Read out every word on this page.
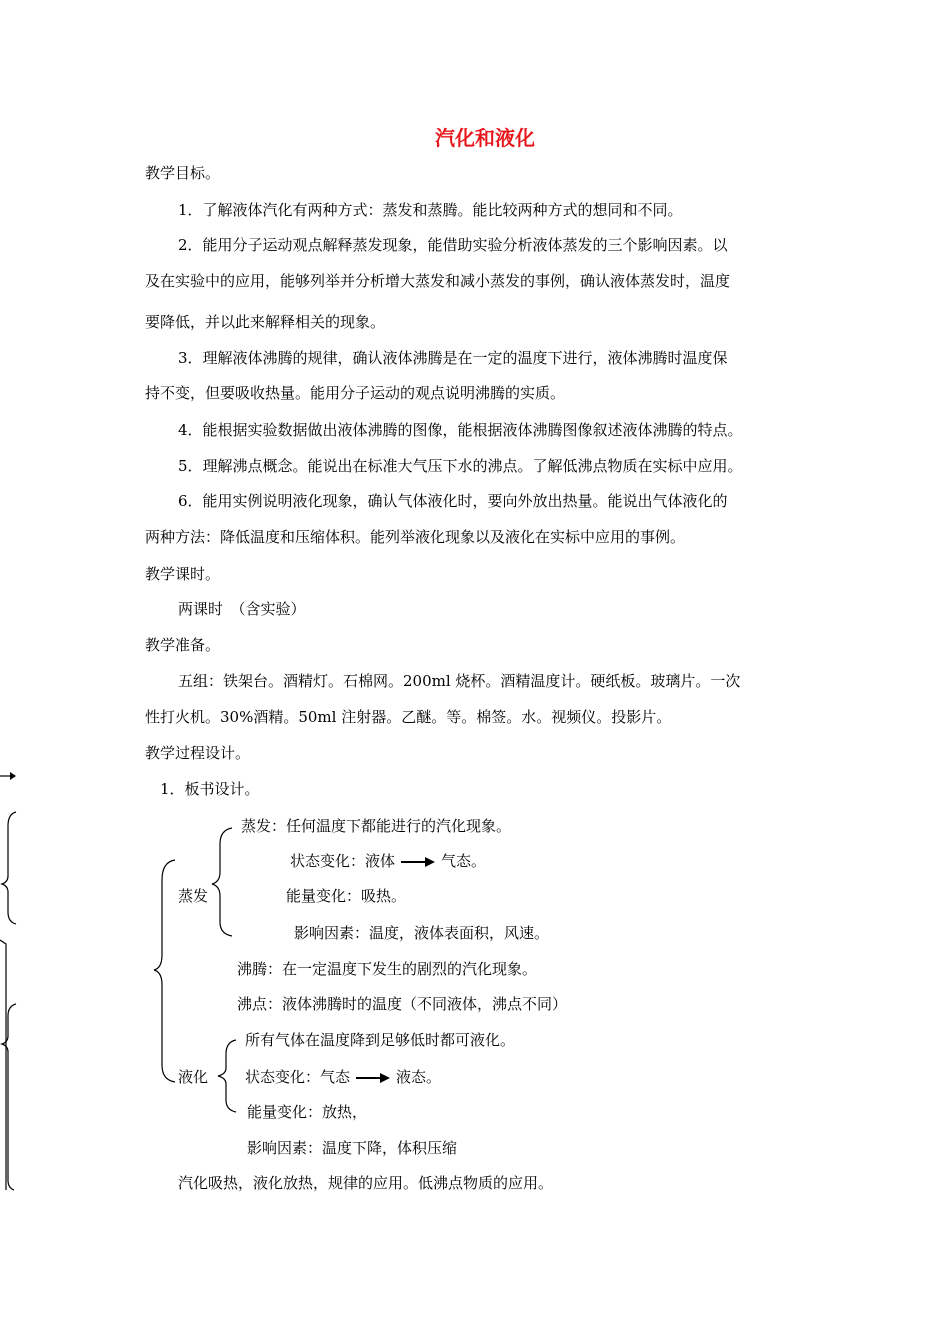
汽化和液化
教学目标。
1．了解液体汽化有两种方式：蒸发和蒸腾。能比较两种方式的想同和不同。
2．能用分子运动观点解释蒸发现象，能借助实验分析液体蒸发的三个影响因素。以
及在实验中的应用，能够列举并分析增大蒸发和减小蒸发的事例，确认液体蒸发时，温度
要降低，并以此来解释相关的现象。
3．理解液体沸腾的规律，确认液体沸腾是在一定的温度下进行，液体沸腾时温度保
持不变，但要吸收热量。能用分子运动的观点说明沸腾的实质。
4．能根据实验数据做出液体沸腾的图像，能根据液体沸腾图像叙述液体沸腾的特点。
5．理解沸点概念。能说出在标准大气压下水的沸点。了解低沸点物质在实标中应用。
6．能用实例说明液化现象，确认气体液化时，要向外放出热量。能说出气体液化的
两种方法：降低温度和压缩体积。能列举液化现象以及液化在实标中应用的事例。
教学课时。
两课时　（含实验）
教学准备。
五组：铁架台。酒精灯。石棉网。200ml 烧杯。酒精温度计。硬纸板。玻璃片。一次
性打火机。30%酒精。50ml 注射器。乙醚。等。棉签。水。视频仪。投影片。
教学过程设计。
1．板书设计。
蒸发：任何温度下都能进行的汽化现象。
状态变化：液体	气态。
蒸发	能量变化：吸热。
影响因素：温度，液体表面积，风速。
沸腾：在一定温度下发生的剧烈的汽化现象。
沸点：液体沸腾时的温度（不同液体，沸点不同）
所有气体在温度降到足够低时都可液化。
液化 状态变化：气态	液态。
能量变化：放热，
影响因素：温度下降，体积压缩
汽化吸热，液化放热，规律的应用。低沸点物质的应用。
